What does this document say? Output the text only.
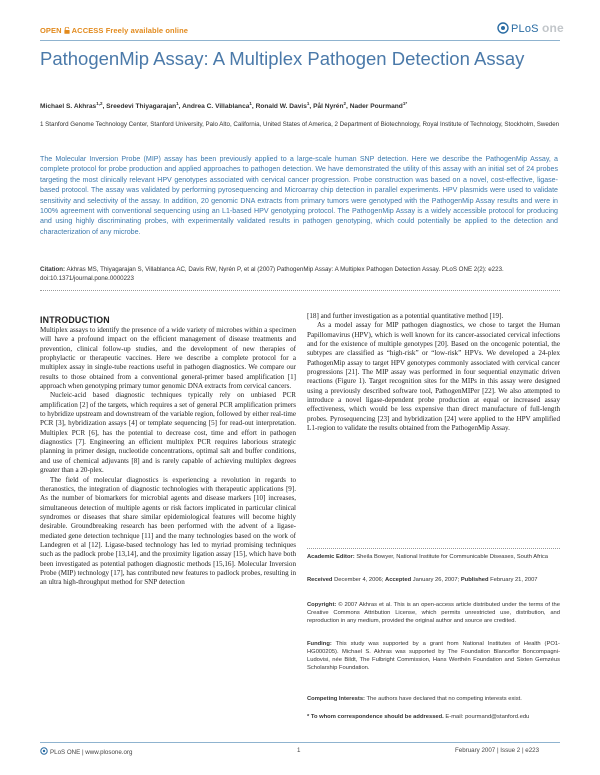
OPEN ACCESS Freely available online	PLoS one
PathogenMip Assay: A Multiplex Pathogen Detection Assay
Michael S. Akhras$^{1,2}$, Sreedevi Thiyagarajan$^1$, Andrea C. Villablanca$^1$, Ronald W. Davis$^1$, Pål Nyrén$^2$, Nader Pourmand$^{1*}$
1 Stanford Genome Technology Center, Stanford University, Palo Alto, California, United States of America, 2 Department of Biotechnology, Royal Institute of Technology, Stockholm, Sweden
The Molecular Inversion Probe (MIP) assay has been previously applied to a large-scale human SNP detection. Here we describe the PathogenMip Assay, a complete protocol for probe production and applied approaches to pathogen detection. We have demonstrated the utility of this assay with an initial set of 24 probes targeting the most clinically relevant HPV genotypes associated with cervical cancer progression. Probe construction was based on a novel, cost-effective, ligase-based protocol. The assay was validated by performing pyrosequencing and Microarray chip detection in parallel experiments. HPV plasmids were used to validate sensitivity and selectivity of the assay. In addition, 20 genomic DNA extracts from primary tumors were genotyped with the PathogenMip Assay results and were in 100% agreement with conventional sequencing using an L1-based HPV genotyping protocol. The PathogenMip Assay is a widely accessible protocol for producing and using highly discriminating probes, with experimentally validated results in pathogen genotyping, which could potentially be applied to the detection and characterization of any microbe.
Citation: Akhras MS, Thiyagarajan S, Villablanca AC, Davis RW, Nyrén P, et al (2007) PathogenMip Assay: A Multiplex Pathogen Detection Assay. PLoS ONE 2(2): e223. doi:10.1371/journal.pone.0000223
INTRODUCTION

Multiplex assays to identify the presence of a wide variety of microbes within a specimen will have a profound impact on the efficient management of disease treatments and prevention, clinical follow-up studies, and the development of new therapies of prophylactic or therapeutic vaccines. Here we describe a complete protocol for a multiplex assay in single-tube reactions useful in pathogen diagnostics. We compare our results to those obtained from a conventional general-primer based amplification [1] approach when genotyping primary tumor genomic DNA extracts from cervical cancers.

Nucleic-acid based diagnostic techniques typically rely on unbiased PCR amplification [2] of the targets, which requires a set of general PCR amplification primers to hybridize upstream and downstream of the variable region, followed by either real-time PCR [3], hybridization assays [4] or template sequencing [5] for read-out interpretation. Multiplex PCR [6], has the potential to decrease cost, time and effort in pathogen diagnostics [7]. Engineering an efficient multiplex PCR requires laborious strategic planning in primer design, nucleotide concentrations, optimal salt and buffer conditions, and use of chemical adjuvants [8] and is rarely capable of achieving multiplex degrees greater than a 20-plex.

The field of molecular diagnostics is experiencing a revolution in regards to theranostics, the integration of diagnostic technologies with therapeutic applications [9]. As the number of biomarkers for microbial agents and disease markers [10] increases, simultaneous detection of multiple agents or risk factors implicated in particular clinical syndromes or diseases that share similar epidemiological features will become highly desirable. Groundbreaking research has been performed with the advent of a ligase-mediated gene detection technique [11] and the many technologies based on the work of Landegren et al [12]. Ligase-based technology has led to myriad promising techniques such as the padlock probe [13,14], and the proximity ligation assay [15], which have both been investigated as potential pathogen diagnostic methods [15,16]. Molecular Inversion Probe (MIP) technology [17], has contributed new features to padlock probes, resulting in an ultra high-throughput method for SNP detection

[18] and further investigation as a potential quantitative method [19].

As a model assay for MIP pathogen diagnostics, we chose to target the Human Papillomavirus (HPV), which is well known for its cancer-associated cervical infections and for the existence of multiple genotypes [20]. Based on the oncogenic potential, the subtypes are classified as “high-risk” or “low-risk” HPVs. We developed a 24-plex PathogenMip assay to target HPV genotypes commonly associated with cervical cancer progressions [21]. The MIP assay was performed in four sequential enzymatic driven reactions (Figure 1). Target recognition sites for the MIPs in this assay were designed using a previously described software tool, PathogenMIPer [22]. We also attempted to introduce a novel ligase-dependent probe production at equal or increased assay effectiveness, which would be less expensive than direct manufacture of full-length probes. Pyrosequencing [23] and hybridization [24] were applied to the HPV amplified L1-region to validate the results obtained from the PathogenMip Assay.

Academic Editor: Sheila Bowyer, National Institute for Communicable Diseases, South Africa
Received December 4, 2006; Accepted January 26, 2007; Published February 21, 2007
Copyright: © 2007 Akhras et al. This is an open-access article distributed under the terms of the Creative Commons Attribution License, which permits unrestricted use, distribution, and reproduction in any medium, provided the original author and source are credited.
Funding: This study was supported by a grant from National Institutes of Health (PO1-HG000205). Michael S. Akhras was supported by The Foundation Blanceflor Boncompagni-Ludovisi, née Bildt, The Fulbright Commission, Hans Werthén Foundation and Sixten Gemzéus Scholarship Foundation.
Competing Interests: The authors have declared that no competing interests exist.
* To whom correspondence should be addressed. E-mail: pourmand@stanford.edu
PLoS ONE | www.plosone.org	1	February 2007 | Issue 2 | e223
